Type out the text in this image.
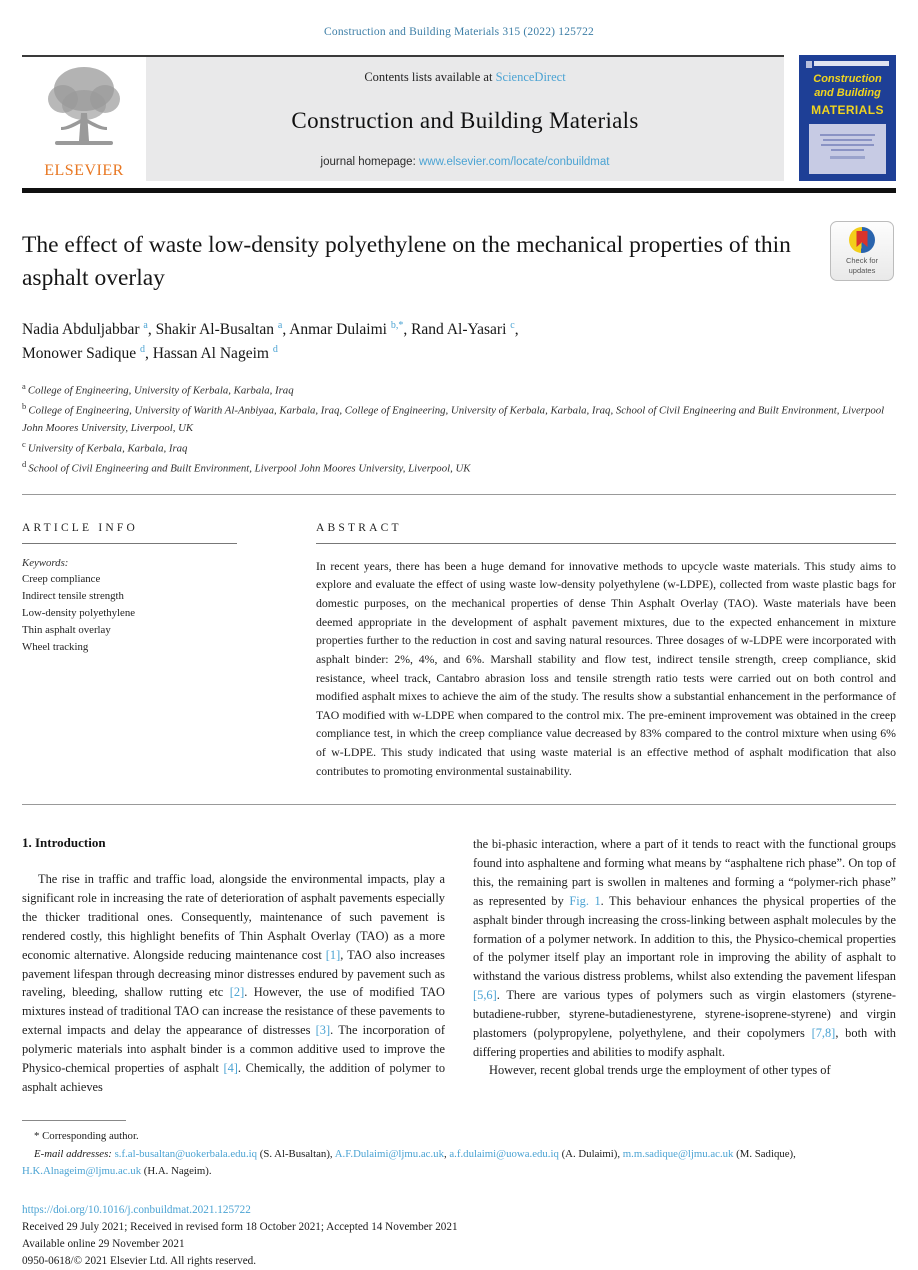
Construction and Building Materials 315 (2022) 125722
ELSEVIER
Contents lists available at ScienceDirect
Construction and Building Materials
journal homepage: www.elsevier.com/locate/conbuildmat
Construction
and Building
MATERIALS
The effect of waste low-density polyethylene on the mechanical properties of thin asphalt overlay
Check for
updates
Nadia Abduljabbar $^a$, Shakir Al-Busaltan $^a$, Anmar Dulaimi $^{b,*}$, Rand Al-Yasari $^c$,
Monower Sadique $^d$, Hassan Al Nageim $^d$
$^a$ College of Engineering, University of Kerbala, Karbala, Iraq
$^b$ College of Engineering, University of Warith Al-Anbiyaa, Karbala, Iraq, College of Engineering, University of Kerbala, Karbala, Iraq, School of Civil Engineering and Built Environment, Liverpool John Moores University, Liverpool, UK
$^c$ University of Kerbala, Karbala, Iraq
$^d$ School of Civil Engineering and Built Environment, Liverpool John Moores University, Liverpool, UK
ARTICLE INFO
Keywords:
Creep compliance
Indirect tensile strength
Low-density polyethylene
Thin asphalt overlay
Wheel tracking
ABSTRACT
In recent years, there has been a huge demand for innovative methods to upcycle waste materials. This study aims to explore and evaluate the effect of using waste low-density polyethylene (w-LDPE), collected from waste plastic bags for domestic purposes, on the mechanical properties of dense Thin Asphalt Overlay (TAO). Waste materials have been deemed appropriate in the development of asphalt pavement mixtures, due to the expected enhancement in mixture properties further to the reduction in cost and saving natural resources. Three dosages of w-LDPE were incorporated with asphalt binder: 2%, 4%, and 6%. Marshall stability and flow test, indirect tensile strength, creep compliance, skid resistance, wheel track, Cantabro abrasion loss and tensile strength ratio tests were carried out on both control and modified asphalt mixes to achieve the aim of the study. The results show a substantial enhancement in the performance of TAO modified with w-LDPE when compared to the control mix. The pre-eminent improvement was obtained in the creep compliance test, in which the creep compliance value decreased by 83% compared to the control mixture when using 6% of w-LDPE. This study indicated that using waste material is an effective method of asphalt modification that also contributes to promoting environmental sustainability.
1. Introduction
The rise in traffic and traffic load, alongside the environmental impacts, play a significant role in increasing the rate of deterioration of asphalt pavements especially the thicker traditional ones. Consequently, maintenance of such pavement is rendered costly, this highlight benefits of Thin Asphalt Overlay (TAO) as a more economic alternative. Alongside reducing maintenance cost [1], TAO also increases pavement lifespan through decreasing minor distresses endured by pavement such as raveling, bleeding, shallow rutting etc [2]. However, the use of modified TAO mixtures instead of traditional TAO can increase the resistance of these pavements to external impacts and delay the appearance of distresses [3]. The incorporation of polymeric materials into asphalt binder is a common additive used to improve the Physico-chemical properties of asphalt [4]. Chemically, the addition of polymer to asphalt achieves
the bi-phasic interaction, where a part of it tends to react with the functional groups found into asphaltene and forming what means by “asphaltene rich phase”. On top of this, the remaining part is swollen in maltenes and forming a “polymer-rich phase” as represented by Fig. 1. This behaviour enhances the physical properties of the asphalt binder through increasing the cross-linking between asphalt molecules by the formation of a polymer network. In addition to this, the Physico-chemical properties of the polymer itself play an important role in improving the ability of asphalt to withstand the various distress problems, whilst also extending the pavement lifespan [5,6]. There are various types of polymers such as virgin elastomers (styrene-butadiene-rubber, styrene-butadienestyrene, styrene-isoprene-styrene) and virgin plastomers (polypropylene, polyethylene, and their copolymers [7,8], both with differing properties and abilities to modify asphalt.
However, recent global trends urge the employment of other types of
* Corresponding author.
E-mail addresses: s.f.al-busaltan@uokerbala.edu.iq (S. Al-Busaltan), A.F.Dulaimi@ljmu.ac.uk, a.f.dulaimi@uowa.edu.iq (A. Dulaimi), m.m.sadique@ljmu.ac.uk (M. Sadique), H.K.Alnageim@ljmu.ac.uk (H.A. Nageim).
https://doi.org/10.1016/j.conbuildmat.2021.125722
Received 29 July 2021; Received in revised form 18 October 2021; Accepted 14 November 2021
Available online 29 November 2021
0950-0618/© 2021 Elsevier Ltd. All rights reserved.
